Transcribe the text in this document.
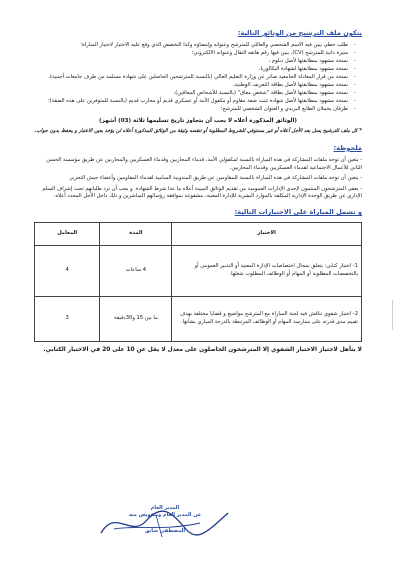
يتكون ملف الترشيح من الوثائق التالية:
- طلب خطي يبين فيه الاسم الشخصي والعائلي للمترشح وعنوانه وإمضاؤه وكذا التخصص الذي وقع عليه الاختيار لاجتياز المباراة؛
- سيرة ذاتية للمترشح (CV)، يبين فيها رقم هاتفه النقال وعنوانه الالكتروني؛
- نسخة مشهود بمطابقتها لأصل دبلوم ،
- نسخة مشهود بمطابقتها لشهادة البكالوريا،
- نسخة من قرار المعادلة الجامعية صادر عن وزارة التعليم العالي (بالنسبة للمترشحين الحاصلين على شهادة مسلمة من طرف جامعات أجنبية)،
- نسخة مشهود بمطابقتها لأصل بطاقة التعريف الوطنية،
- نسخة مشهود بمطابقتها لأصل بطاقة "شخص معاق" (بالنسبة للأشخاص المعاقين)،
- نسخة مشهود بمطابقتها لأصل شهادة تثبت صفة مقاوم أو مكفول الأمة أو عسكري قديم أو محارب قديم (بالنسبة للمتوفرين على هذه الصفة)؛
- ظرفان يحملان الطابع البريدي و العنوان الشخصي للمترشح؛
(الوثائق المذكورة أعلاه لا يجب أن يتجاوز تاريخ تسليمها ثلاثة (03) أشهر)
* كل ملف للترشيح يصل بعد الأجل أعلاه أو غير مستوفي للشروط المطلوبة أو تنقصه وثيقة من الوثائق المذكورة أعلاه لن يؤخذ بعين الاعتبار و يحفظ بدون جواب.
ملحوظة:
- يتعين أن توجه ملفات المشاركة في هذه المباراة بالنسبة لمكفولي الأمة، قدماء المحاربين وقدماء العسكريين والمحاربين عن طريق مؤسسة الحسن الثاني للأعمال الاجتماعية لقدماء العسكريين وقدماء المحاربين.
- يتعين أن توجه ملفات المشاركة في هذه المباراة بالنسبة للمقاومين عن طريق المندوبية السامية لقدماء المقاومين وأعضاء جيش التحرير.
- يعفى المترشحون المنتمون لإحدى الإدارات العمومية من تقديم الوثائق المبينة أعلاه ما عدا شرط الشهادة. و يجب أن ترد طلباتهم تحت إشراف السلم الإداري عن طريق الوحدة الإدارية المكلفة بالموارد البشرية للإدارة المعنية، مشفوعة بموافقة رؤسائهم المباشرين و ذلك داخل الأجل المحدد أعلاه.
و تشمل المباراة على الاختبارات التالية:
الاختبار	المدة	المعامل
1- اختبار كتابي: يتعلق بمجال اختصاصات الإدارة المعنية أو التدبير العمومي أو بالتخصصات المطلوبة أو المهام أو الوظائف المطلوب شغلها.	4 ساعات	4
2- اختبار شفوي تناقش فيه لجنة المباراة مع المترشح مواضيع و قضايا مختلفة بهدف تقييم مدى قدرته على ممارسة المهام أو الوظائف المرتبطة بالدرجة المباري بشأنها.	ما بين 15 و30دقيقة	3
لا يتأهل لاجتياز الاختبار الشفوي إلا المترشحون الحاصلون على معدل لا يقل عن 10 على 20 في الاختبار الكتابي.
المدير العام
عن المدير العام وبتفويض منه
المصطفى شايق
